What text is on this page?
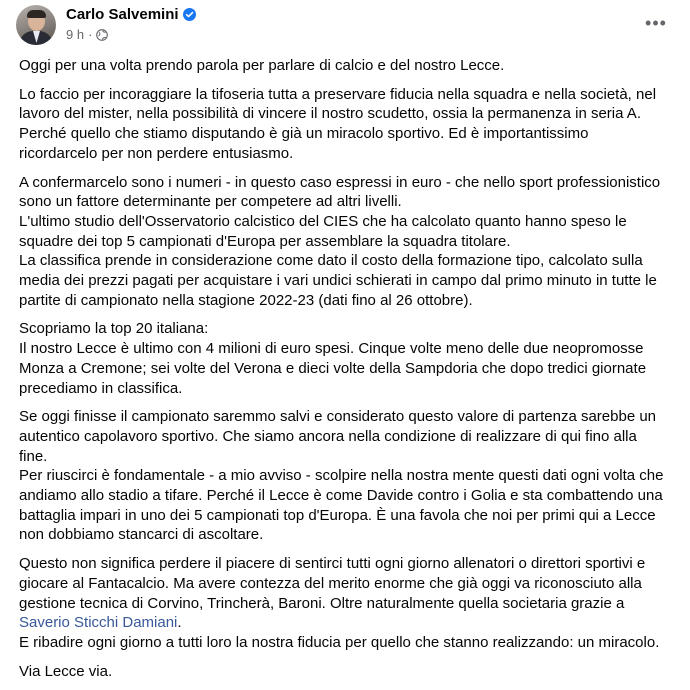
Carlo Salvemini
9 h ·
•••

Oggi per una volta prendo parola per parlare di calcio e del nostro Lecce.

Lo faccio per incoraggiare la tifoseria tutta a preservare fiducia nella squadra e nella società, nel
lavoro del mister, nella possibilità di vincere il nostro scudetto, ossia la permanenza in seria A.
Perché quello che stiamo disputando è già un miracolo sportivo. Ed è importantissimo
ricordarcelo per non perdere entusiasmo.

A confermarcelo sono i numeri - in questo caso espressi in euro - che nello sport professionistico
sono un fattore determinante per competere ad altri livelli.
L'ultimo studio dell'Osservatorio calcistico del CIES che ha calcolato quanto hanno speso le
squadre dei top 5 campionati d'Europa per assemblare la squadra titolare.
La classifica prende in considerazione come dato il costo della formazione tipo, calcolato sulla
media dei prezzi pagati per acquistare i vari undici schierati in campo dal primo minuto in tutte le
partite di campionato nella stagione 2022-23 (dati fino al 26 ottobre).

Scopriamo la top 20 italiana:
Il nostro Lecce è ultimo con 4 milioni di euro spesi. Cinque volte meno delle due neopromosse
Monza a Cremone; sei volte del Verona e dieci volte della Sampdoria che dopo tredici giornate
precediamo in classifica.

Se oggi finisse il campionato saremmo salvi e considerato questo valore di partenza sarebbe un
autentico capolavoro sportivo. Che siamo ancora nella condizione di realizzare di qui fino alla
fine.
Per riuscirci è fondamentale - a mio avviso - scolpire nella nostra mente questi dati ogni volta che
andiamo allo stadio a tifare. Perché il Lecce è come Davide contro i Golia e sta combattendo una
battaglia impari in uno dei 5 campionati top d'Europa. È una favola che noi per primi qui a Lecce
non dobbiamo stancarci di ascoltare.

Questo non significa perdere il piacere di sentirci tutti ogni giorno allenatori o direttori sportivi e
giocare al Fantacalcio. Ma avere contezza del merito enorme che già oggi va riconosciuto alla
gestione tecnica di Corvino, Trincherà, Baroni. Oltre naturalmente quella societaria grazie a
Saverio Sticchi Damiani.
E ribadire ogni giorno a tutti loro la nostra fiducia per quello che stanno realizzando: un miracolo.

Via Lecce via.
